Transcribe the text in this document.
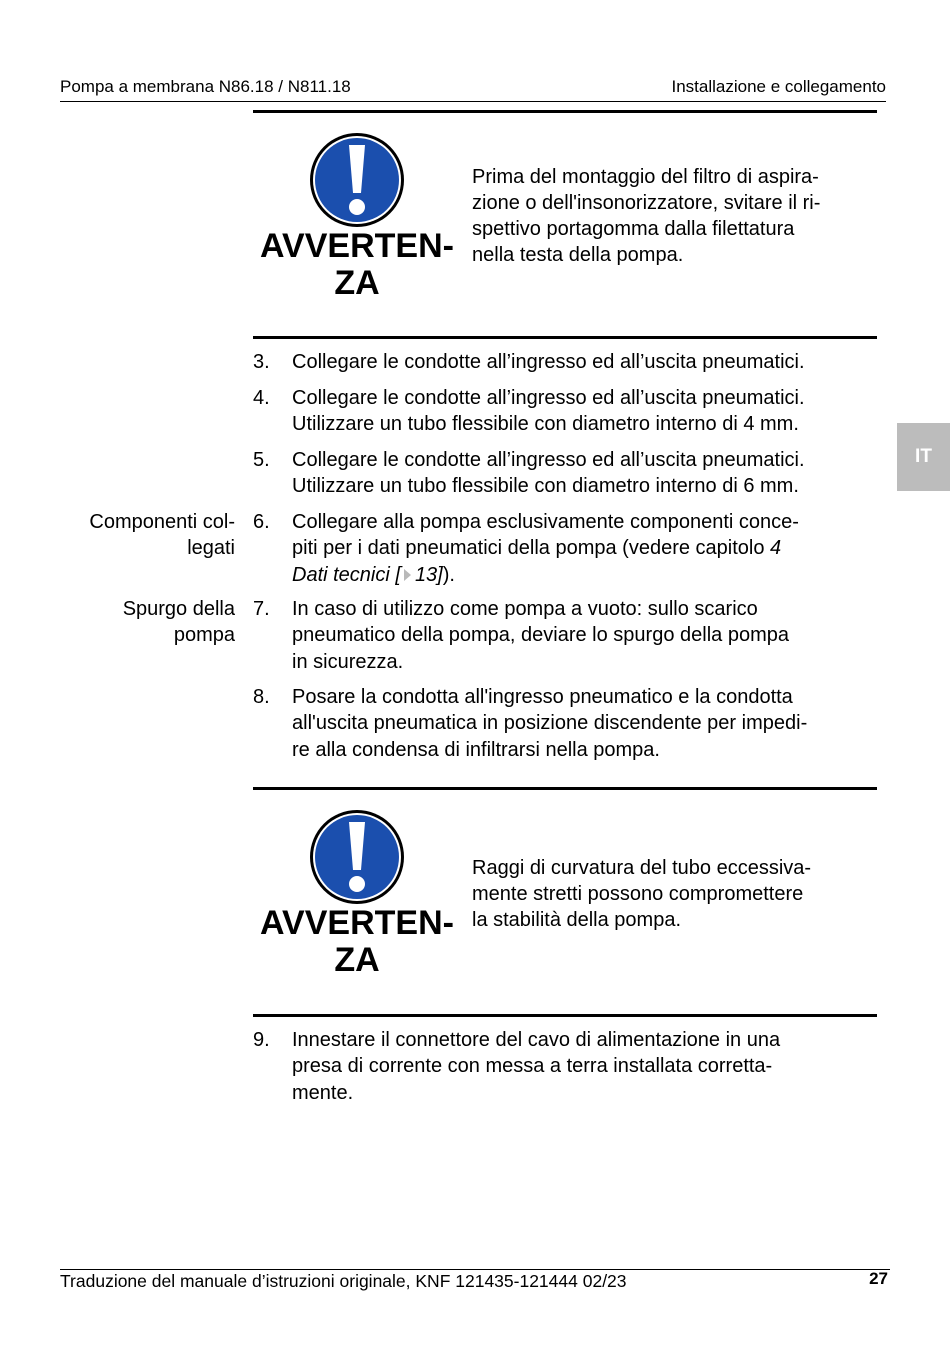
Pompa a membrana N86.18 / N811.18	Installazione e collegamento
IT
AVVERTEN-
ZA
Prima del montaggio del filtro di aspira-
zione o dell'insonorizzatore, svitare il ri-
spettivo portagomma dalla filettatura
nella testa della pompa.
3.	Collegare le condotte all’ingresso ed all’uscita pneumatici.
4.	Collegare le condotte all’ingresso ed all’uscita pneumatici.
Utilizzare un tubo flessibile con diametro interno di 4 mm.
5.	Collegare le condotte all’ingresso ed all’uscita pneumatici.
Utilizzare un tubo flessibile con diametro interno di 6 mm.
Componenti col-
legati
6.	Collegare alla pompa esclusivamente componenti conce-
piti per i dati pneumatici della pompa (vedere capitolo 4
Dati tecnici [ 13]).
Spurgo della
pompa
7.	In caso di utilizzo come pompa a vuoto: sullo scarico
pneumatico della pompa, deviare lo spurgo della pompa
in sicurezza.
8.	Posare la condotta all'ingresso pneumatico e la condotta
all'uscita pneumatica in posizione discendente per impedi-
re alla condensa di infiltrarsi nella pompa.
AVVERTEN-
ZA
Raggi di curvatura del tubo eccessiva-
mente stretti possono compromettere
la stabilità della pompa.
9.	Innestare il connettore del cavo di alimentazione in una
presa di corrente con messa a terra installata corretta-
mente.
Traduzione del manuale d’istruzioni originale, KNF 121435-121444 02/23	27
